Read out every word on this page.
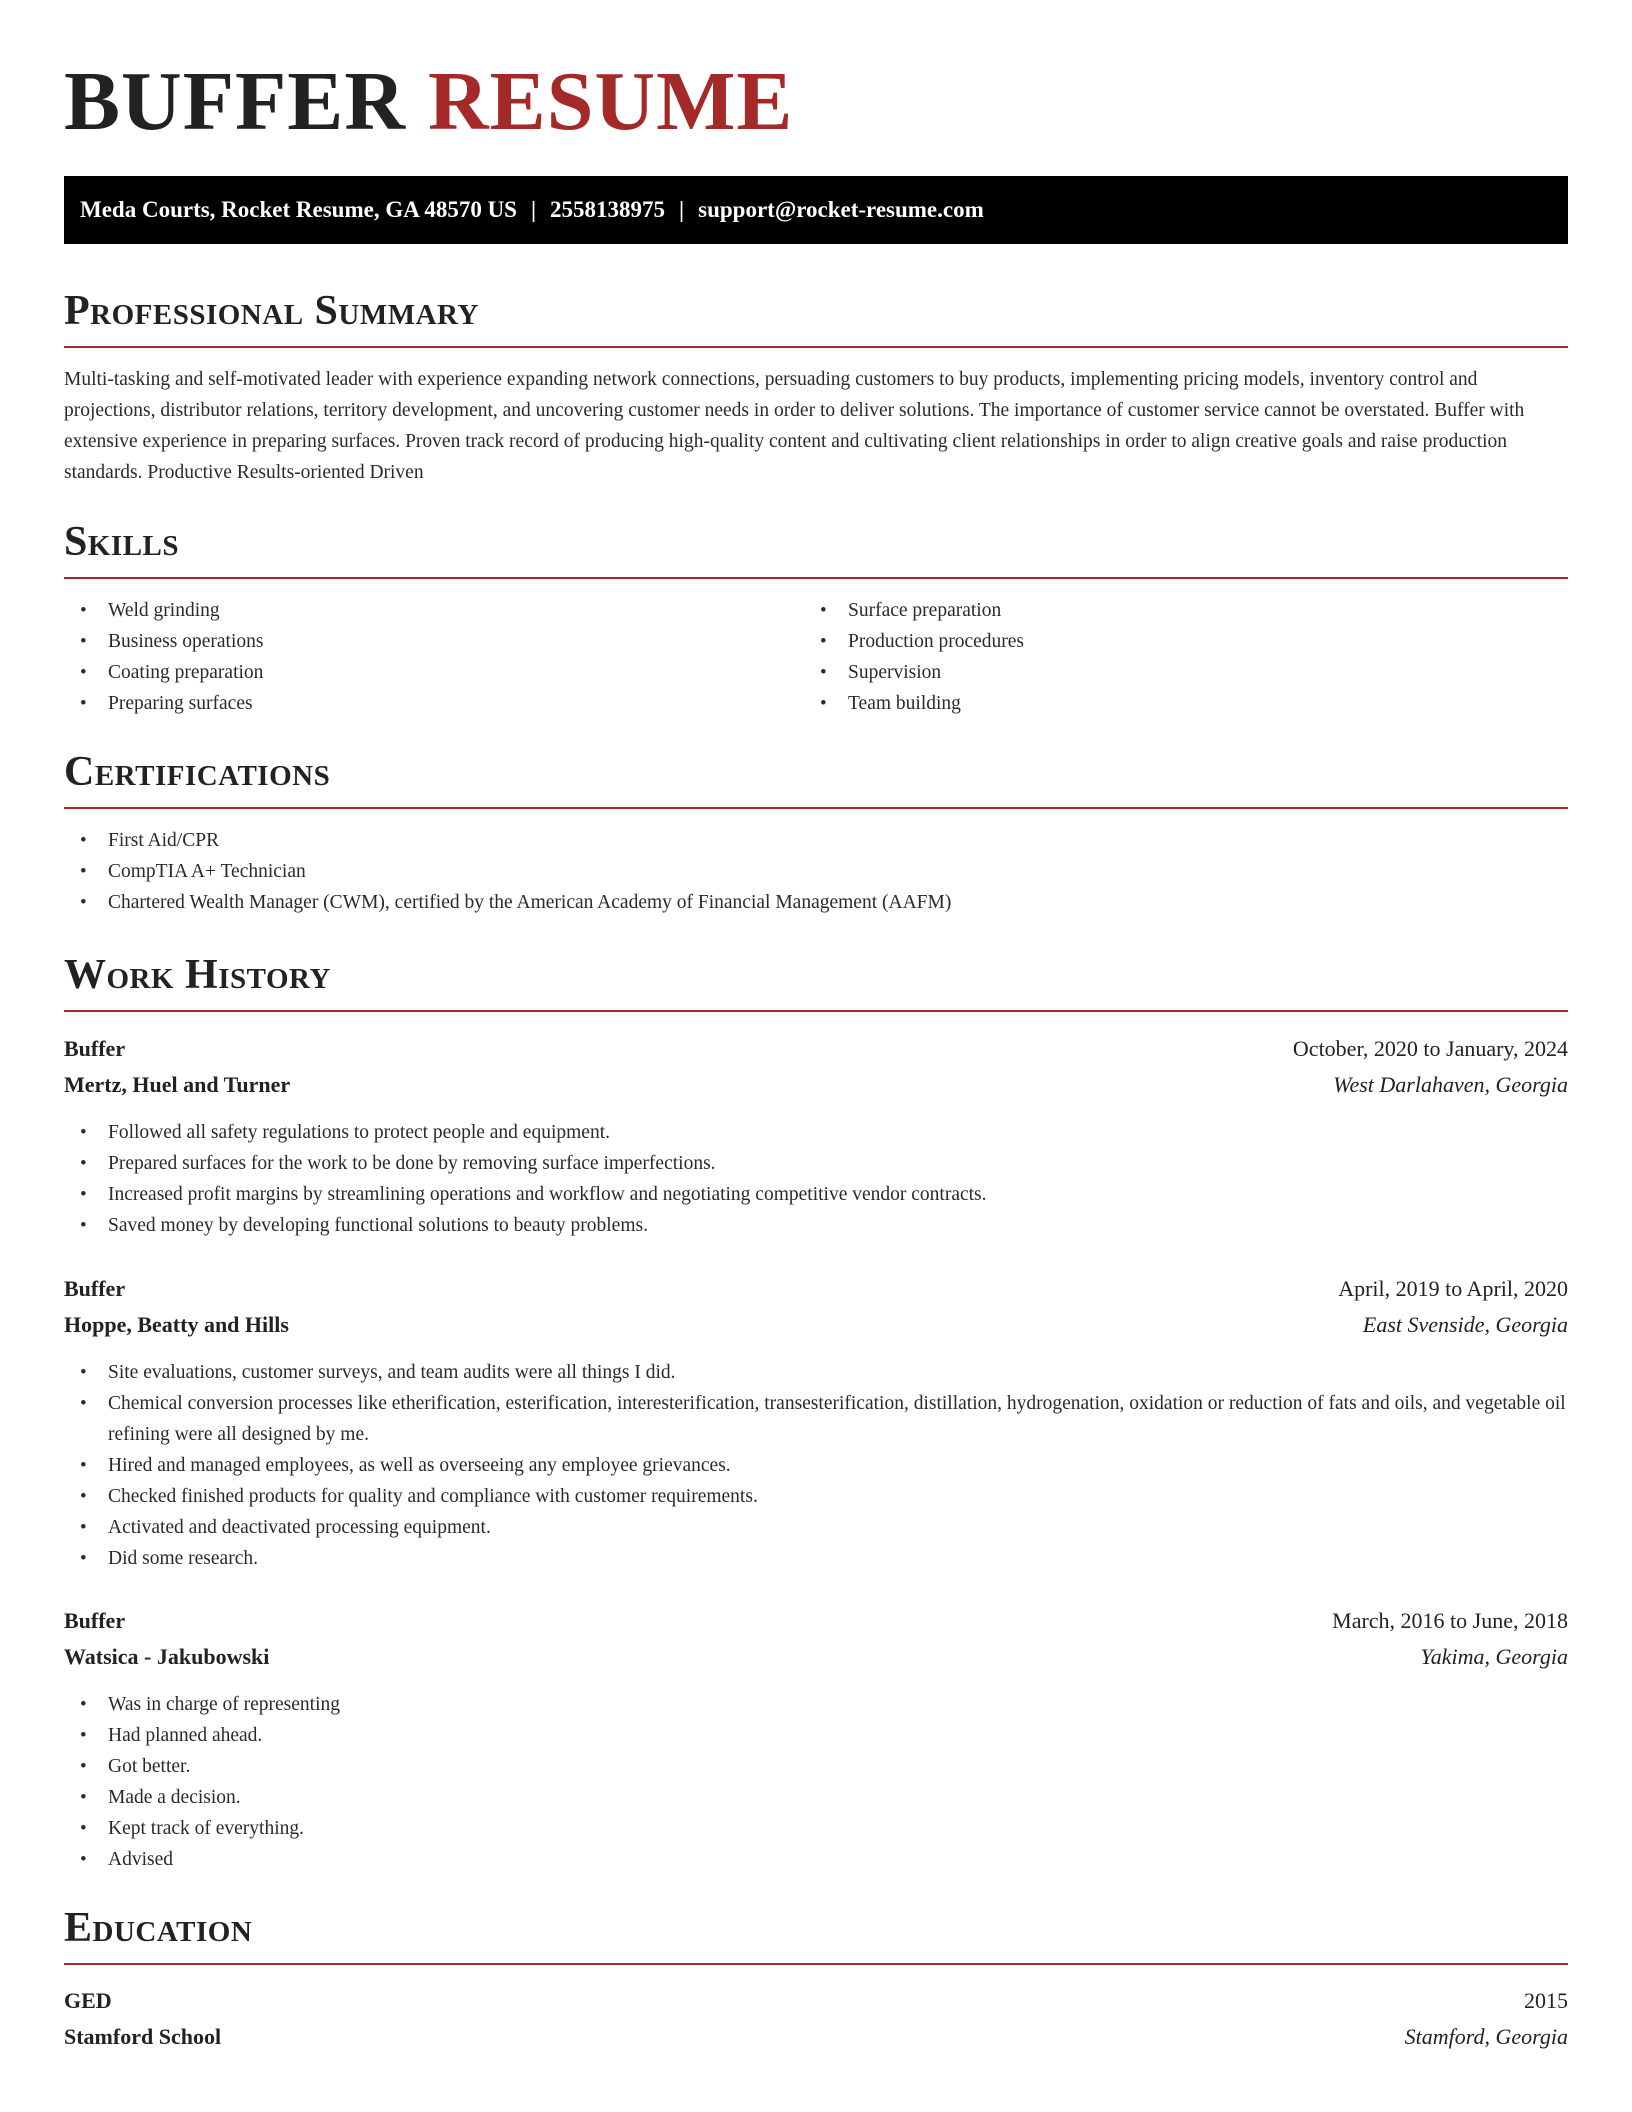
BUFFER RESUME
Meda Courts, Rocket Resume, GA 48570 US | 2558138975 | support@rocket-resume.com
Professional Summary

Multi-tasking and self-motivated leader with experience expanding network connections, persuading customers to buy products, implementing pricing models, inventory control and projections, distributor relations, territory development, and uncovering customer needs in order to deliver solutions. The importance of customer service cannot be overstated. Buffer with extensive experience in preparing surfaces. Proven track record of producing high-quality content and cultivating client relationships in order to align creative goals and raise production standards. Productive Results-oriented Driven

Skills
• Weld grinding
• Business operations
• Coating preparation
• Preparing surfaces
• Surface preparation
• Production procedures
• Supervision
• Team building
Certifications
• First Aid/CPR
• CompTIA A+ Technician
• Chartered Wealth Manager (CWM), certified by the American Academy of Financial Management (AAFM)
Work History
Buffer	October, 2020 to January, 2024
Mertz, Huel and Turner	West Darlahaven, Georgia
• Followed all safety regulations to protect people and equipment.
• Prepared surfaces for the work to be done by removing surface imperfections.
• Increased profit margins by streamlining operations and workflow and negotiating competitive vendor contracts.
• Saved money by developing functional solutions to beauty problems.
Buffer	April, 2019 to April, 2020
Hoppe, Beatty and Hills	East Svenside, Georgia
• Site evaluations, customer surveys, and team audits were all things I did.
• Chemical conversion processes like etherification, esterification, interesterification, transesterification, distillation, hydrogenation, oxidation or reduction of fats and oils, and vegetable oil refining were all designed by me.
• Hired and managed employees, as well as overseeing any employee grievances.
• Checked finished products for quality and compliance with customer requirements.
• Activated and deactivated processing equipment.
• Did some research.
Buffer	March, 2016 to June, 2018
Watsica - Jakubowski	Yakima, Georgia
• Was in charge of representing
• Had planned ahead.
• Got better.
• Made a decision.
• Kept track of everything.
• Advised
Education
GED	2015
Stamford School	Stamford, Georgia
